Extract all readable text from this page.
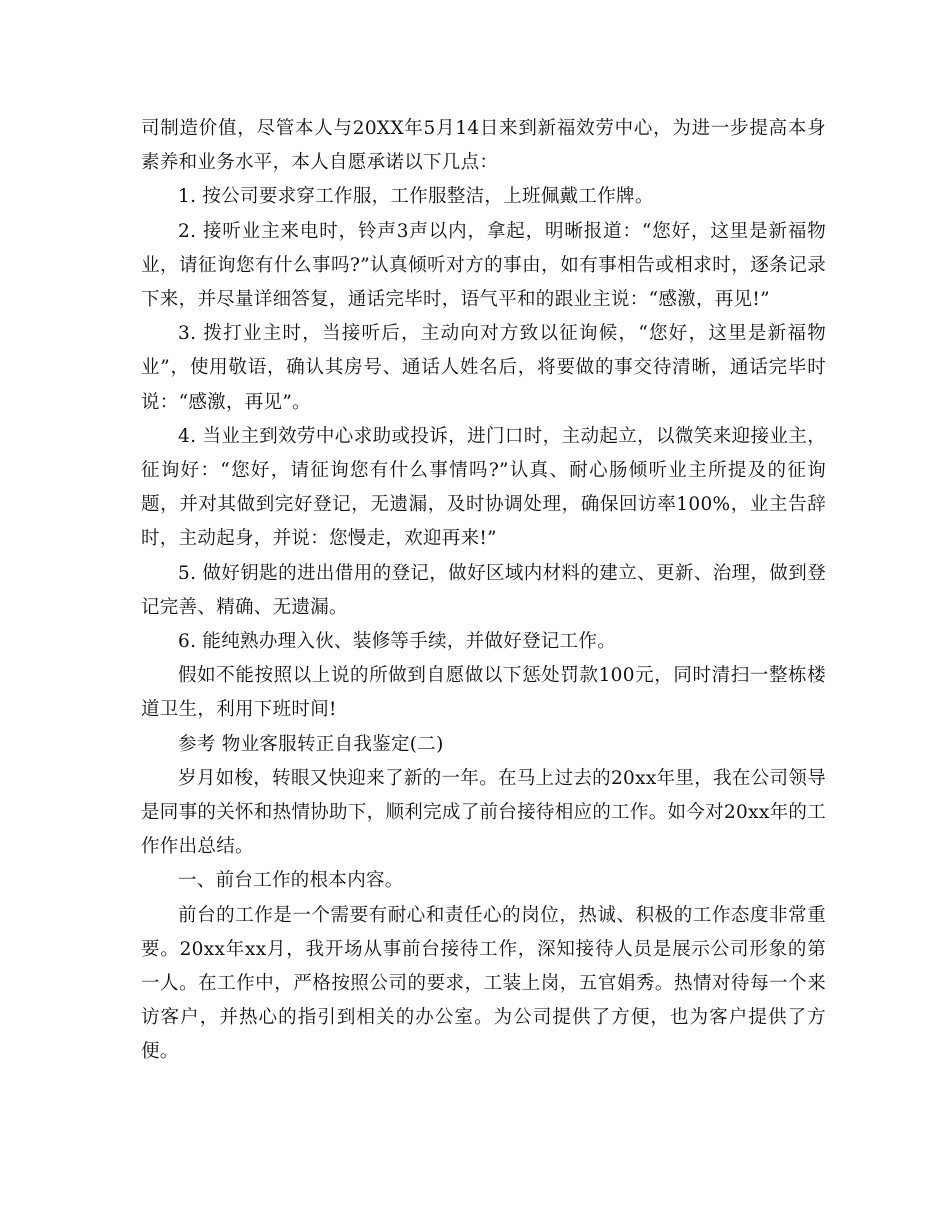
司制造价值，尽管本人与20XX年5月14日来到新福效劳中心，为进一步提高本身素养和业务水平，本人自愿承诺以下几点：

1. 按公司要求穿工作服，工作服整洁，上班佩戴工作牌。

2. 接听业主来电时，铃声3声以内，拿起，明晰报道：“您好，这里是新福物业，请征询您有什么事吗?”认真倾听对方的事由，如有事相告或相求时，逐条记录下来，并尽量详细答复，通话完毕时，语气平和的跟业主说：“感激，再见!”

3. 拨打业主时，当接听后，主动向对方致以征询候，“您好，这里是新福物业”，使用敬语，确认其房号、通话人姓名后，将要做的事交待清晰，通话完毕时说：“感激，再见”。

4. 当业主到效劳中心求助或投诉，进门口时，主动起立，以微笑来迎接业主，征询好：“您好，请征询您有什么事情吗?”认真、耐心肠倾听业主所提及的征询题，并对其做到完好登记，无遗漏，及时协调处理，确保回访率100%，业主告辞时，主动起身，并说：您慢走，欢迎再来!”

5. 做好钥匙的进出借用的登记，做好区域内材料的建立、更新、治理，做到登记完善、精确、无遗漏。

6. 能纯熟办理入伙、装修等手续，并做好登记工作。

假如不能按照以上说的所做到自愿做以下惩处罚款100元，同时清扫一整栋楼道卫生，利用下班时间!

参考 物业客服转正自我鉴定(二)

岁月如梭，转眼又快迎来了新的一年。在马上过去的20xx年里，我在公司领导是同事的关怀和热情协助下，顺利完成了前台接待相应的工作。如今对20xx年的工作作出总结。

一、前台工作的根本内容。

前台的工作是一个需要有耐心和责任心的岗位，热诚、积极的工作态度非常重要。20xx年xx月，我开场从事前台接待工作，深知接待人员是展示公司形象的第一人。在工作中，严格按照公司的要求，工装上岗，五官娟秀。热情对待每一个来访客户，并热心的指引到相关的办公室。为公司提供了方便，也为客户提供了方便。
